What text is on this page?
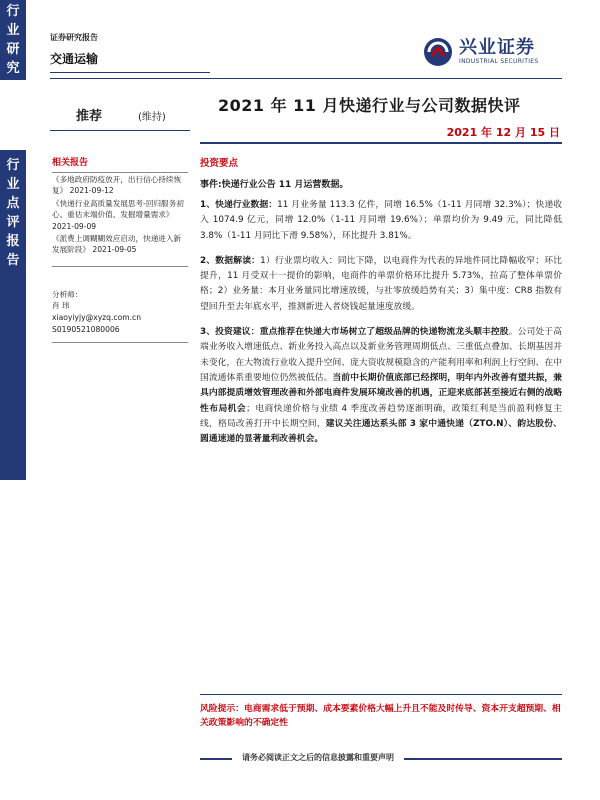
行
业
研
究
行
业
点
评
报
告
证券研究报告
交通运输
兴业证券
INDUSTRIAL SECURITIES
推荐	(维持)
2021 年 11 月快递行业与公司数据快评
2021 年 12 月 15 日
相关报告
《多地政府防疫放开，出行信心持续恢复》 2021-09-12
《快递行业高质量发展思考-回归服务初心、重估末端价值、发掘增量需求》 2021-09-09
《派费上调糊糊效应启动，快递进入新发展阶段》 2021-09-05
分析师：
肖 玮
xiaoyiyjy@xyzq.com.cn
S0190521080006
投资要点
事件:快递行业公告 11 月运营数据。

1、快递行业数据：11 月业务量 113.3 亿件，同增 16.5%（1-11 月同增 32.3%）；快递收入 1074.9 亿元，同增 12.0%（1-11 月同增 19.6%）；单票均价为 9.49 元，同比降低 3.8%（1-11 月同比下滑 9.58%），环比提升 3.81%。

2、数据解读：1）行业票均收入：同比下降，以电商件为代表的异地件同比降幅收窄；环比提升，11 月受双十一提价的影响，电商件的单票价格环比提升 5.73%，拉高了整体单票价格；2）业务量：本月业务量同比增速放缓，与社零放缓趋势有关；3）集中度：CR8 指数有望回升至去年底水平，推测新进入者烧钱起量速度放缓。

3、投资建议：重点推荐在快递大市场树立了超级品牌的快递物流龙头顺丰控股。公司处于高端业务收入增速低点、新业务投入高点以及新业务管理周期低点、三重低点叠加、长期基因并未变化，在大物流行业收入提升空间、庞大资收规模隐含的产能利用率和利润上行空间、在中国流通体系重要地位仍然被低估。当前中长期价值底部已经探明，明年内外改善有望共振，兼具内部提质增效管理改善和外部电商件发展环境改善的机遇，正迎来底部甚至接近右侧的战略性布局机会；电商快递价格与业绩 4 季度改善趋势逐渐明确，政策红利是当前盈利修复主线，格局改善打开中长期空间，建议关注通达系头部 3 家中通快递（ZTO.N）、韵达股份、圆通速递的显著量利改善机会。

风险提示：电商需求低于预期、成本要素价格大幅上升且不能及时传导、资本开支超预期、相关政策影响的不确定性
请务必阅读正文之后的信息披露和重要声明
